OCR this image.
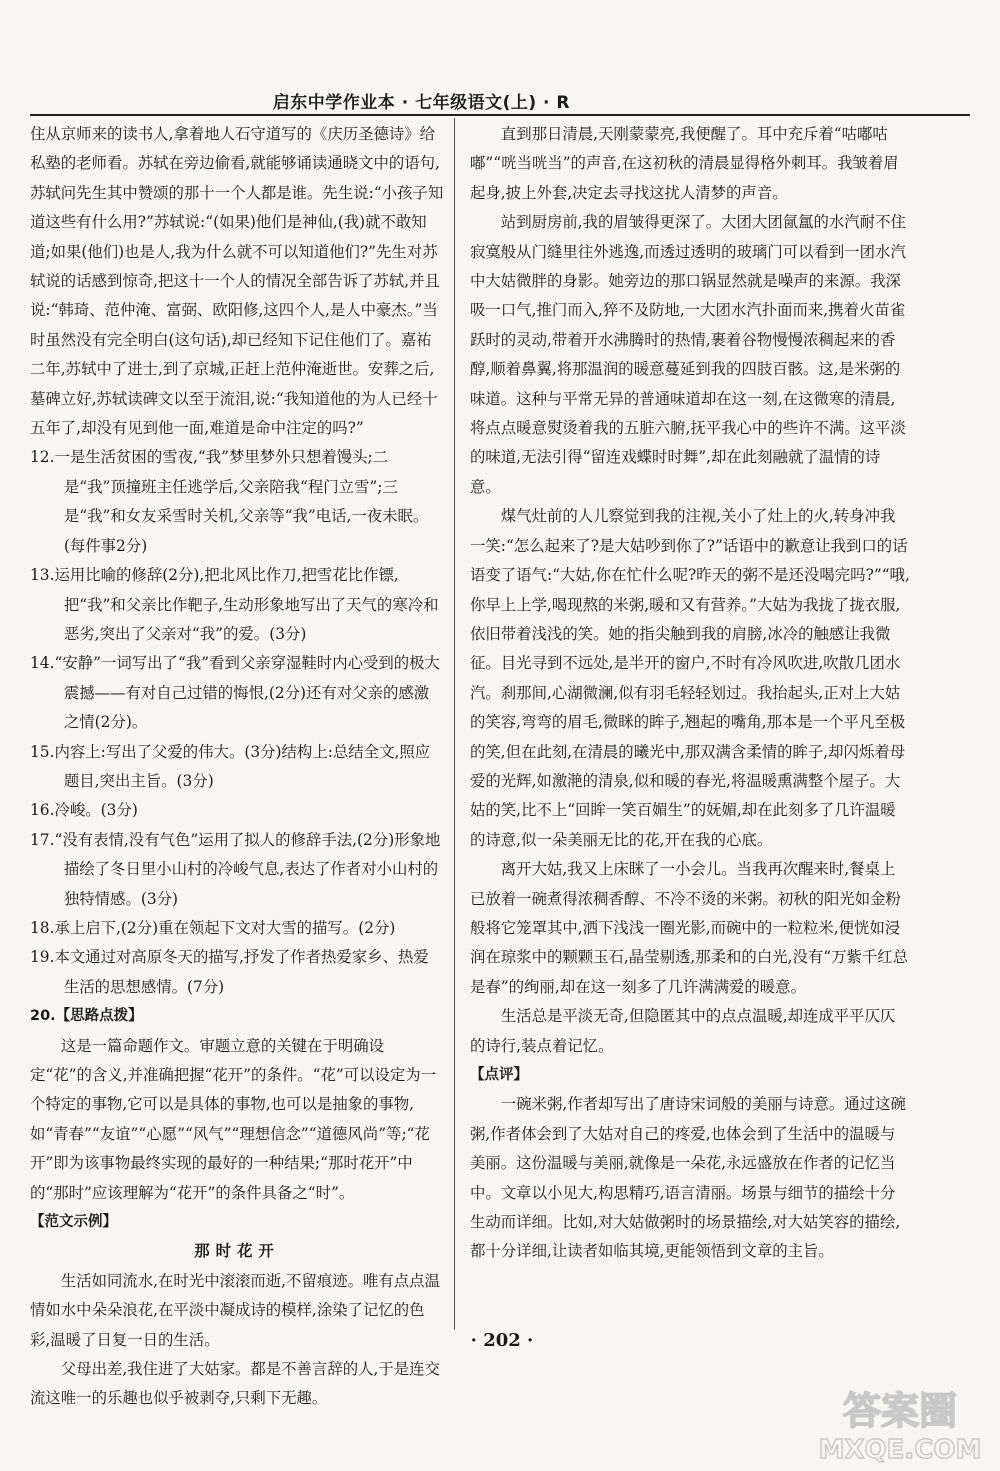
启东中学作业本 · 七年级语文(上) · R

住从京师来的读书人,拿着地人石守道写的《庆历圣德诗》给私塾的老师看。苏轼在旁边偷看,就能够诵读通晓文中的语句,苏轼问先生其中赞颂的那十一个人都是谁。先生说:“小孩子知道这些有什么用?”苏轼说:“(如果)他们是神仙,(我)就不敢知道;如果(他们)也是人,我为什么就不可以知道他们?”先生对苏轼说的话感到惊奇,把这十一个人的情况全部告诉了苏轼,并且说:“韩琦、范仲淹、富弼、欧阳修,这四个人,是人中豪杰。”当时虽然没有完全明白(这句话),却已经知下记住他们了。嘉祐二年,苏轼中了进士,到了京城,正赶上范仲淹逝世。安葬之后,墓碑立好,苏轼读碑文以至于流泪,说:“我知道他的为人已经十五年了,却没有见到他一面,难道是命中注定的吗?”

12.一是生活贫困的雪夜,“我”梦里梦外只想着馒头;二是“我”顶撞班主任逃学后,父亲陪我“程门立雪”;三是“我”和女友采雪时关机,父亲等“我”电话,一夜未眠。(每件事2分)

13.运用比喻的修辞(2分),把北风比作刀,把雪花比作镖,把“我”和父亲比作靶子,生动形象地写出了天气的寒冷和恶劣,突出了父亲对“我”的爱。(3分)

14.“安静”一词写出了“我”看到父亲穿湿鞋时内心受到的极大震撼——有对自己过错的悔恨,(2分)还有对父亲的感激之情(2分)。

15.内容上:写出了父爱的伟大。(3分)结构上:总结全文,照应题目,突出主旨。(3分)

16.冷峻。(3分)

17.“没有表情,没有气色”运用了拟人的修辞手法,(2分)形象地描绘了冬日里小山村的冷峻气息,表达了作者对小山村的独特情感。(3分)

18.承上启下,(2分)重在领起下文对大雪的描写。(2分)

19.本文通过对高原冬天的描写,抒发了作者热爱家乡、热爱生活的思想感情。(7分)

20.【思路点拨】

这是一篇命题作文。审题立意的关键在于明确设定“花”的含义,并准确把握“花开”的条件。“花”可以设定为一个特定的事物,它可以是具体的事物,也可以是抽象的事物,如“青春”“友谊”“心愿”“风气”“理想信念”“道德风尚”等;“花开”即为该事物最终实现的最好的一种结果;“那时花开”中的“那时”应该理解为“花开”的条件具备之“时”。

【范文示例】

那时花开

生活如同流水,在时光中滚滚而逝,不留痕迹。唯有点点温情如水中朵朵浪花,在平淡中凝成诗的模样,涂染了记忆的色彩,温暖了日复一日的生活。

父母出差,我住进了大姑家。都是不善言辞的人,于是连交流这唯一的乐趣也似乎被剥夺,只剩下无趣。

直到那日清晨,天刚蒙蒙亮,我便醒了。耳中充斥着“咕嘟咕嘟”“咣当咣当”的声音,在这初秋的清晨显得格外刺耳。我皱着眉起身,披上外套,决定去寻找这扰人清梦的声音。

站到厨房前,我的眉皱得更深了。大团大团氤氲的水汽耐不住寂寞般从门缝里往外逃逸,而透过透明的玻璃门可以看到一团水汽中大姑微胖的身影。她旁边的那口锅显然就是噪声的来源。我深吸一口气,推门而入,猝不及防地,一大团水汽扑面而来,携着火苗雀跃时的灵动,带着开水沸腾时的热情,裹着谷物慢慢浓稠起来的香醇,顺着鼻翼,将那温润的暖意蔓延到我的四肢百骸。这,是米粥的味道。这种与平常无异的普通味道却在这一刻,在这微寒的清晨,将点点暖意熨烫着我的五脏六腑,抚平我心中的些许不满。这平淡的味道,无法引得“留连戏蝶时时舞”,却在此刻融就了温情的诗意。

煤气灶前的人儿察觉到我的注视,关小了灶上的火,转身冲我一笑:“怎么起来了?是大姑吵到你了?”话语中的歉意让我到口的话语变了语气:“大姑,你在忙什么呢?昨天的粥不是还没喝完吗?”“哦,你早上上学,喝现熬的米粥,暖和又有营养。”大姑为我拢了拢衣服,依旧带着浅浅的笑。她的指尖触到我的肩膀,冰冷的触感让我微征。目光寻到不远处,是半开的窗户,不时有冷风吹进,吹散几团水汽。刹那间,心湖微澜,似有羽毛轻轻划过。我抬起头,正对上大姑的笑容,弯弯的眉毛,微眯的眸子,翘起的嘴角,那本是一个平凡至极的笑,但在此刻,在清晨的曦光中,那双满含柔情的眸子,却闪烁着母爱的光辉,如激滟的清泉,似和暖的春光,将温暖熏满整个屋子。大姑的笑,比不上“回眸一笑百媚生”的妩媚,却在此刻多了几许温暖的诗意,似一朵美丽无比的花,开在我的心底。

离开大姑,我又上床眯了一小会儿。当我再次醒来时,餐桌上已放着一碗煮得浓稠香醇、不冷不烫的米粥。初秋的阳光如金粉般将它笼罩其中,洒下浅浅一圈光影,而碗中的一粒粒米,便恍如浸润在琼浆中的颗颗玉石,晶莹剔透,那柔和的白光,没有“万紫千红总是春”的绚丽,却在这一刻多了几许满满爱的暖意。

生活总是平淡无奇,但隐匿其中的点点温暖,却连成平平仄仄的诗行,装点着记忆。

【点评】

一碗米粥,作者却写出了唐诗宋词般的美丽与诗意。通过这碗粥,作者体会到了大姑对自己的疼爱,也体会到了生活中的温暖与美丽。这份温暖与美丽,就像是一朵花,永远盛放在作者的记忆当中。文章以小见大,构思精巧,语言清丽。场景与细节的描绘十分生动而详细。比如,对大姑做粥时的场景描绘,对大姑笑容的描绘,都十分详细,让读者如临其境,更能领悟到文章的主旨。

· 202 ·
答案圈
MXQE.COM
